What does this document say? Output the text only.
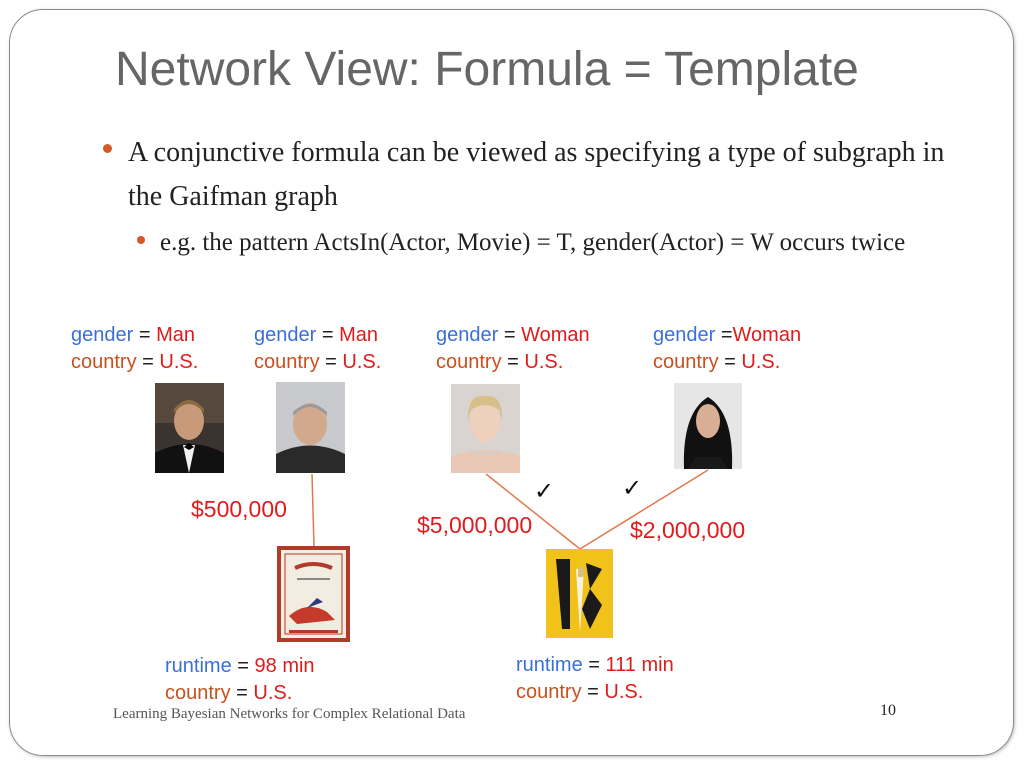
Network View: Formula = Template
A conjunctive formula can be viewed as specifying a type of subgraph in the Gaifman graph
e.g. the pattern ActsIn(Actor, Movie) = T, gender(Actor) = W occurs twice
gender = Man
country = U.S.
gender = Man
country = U.S.
gender = Woman
country = U.S.
gender =Woman
country = U.S.
$500,000
$5,000,000	$2,000,000
✓	✓
runtime = 98 min
country = U.S.
runtime = 111 min
country = U.S.
Learning Bayesian Networks for Complex Relational Data	10
